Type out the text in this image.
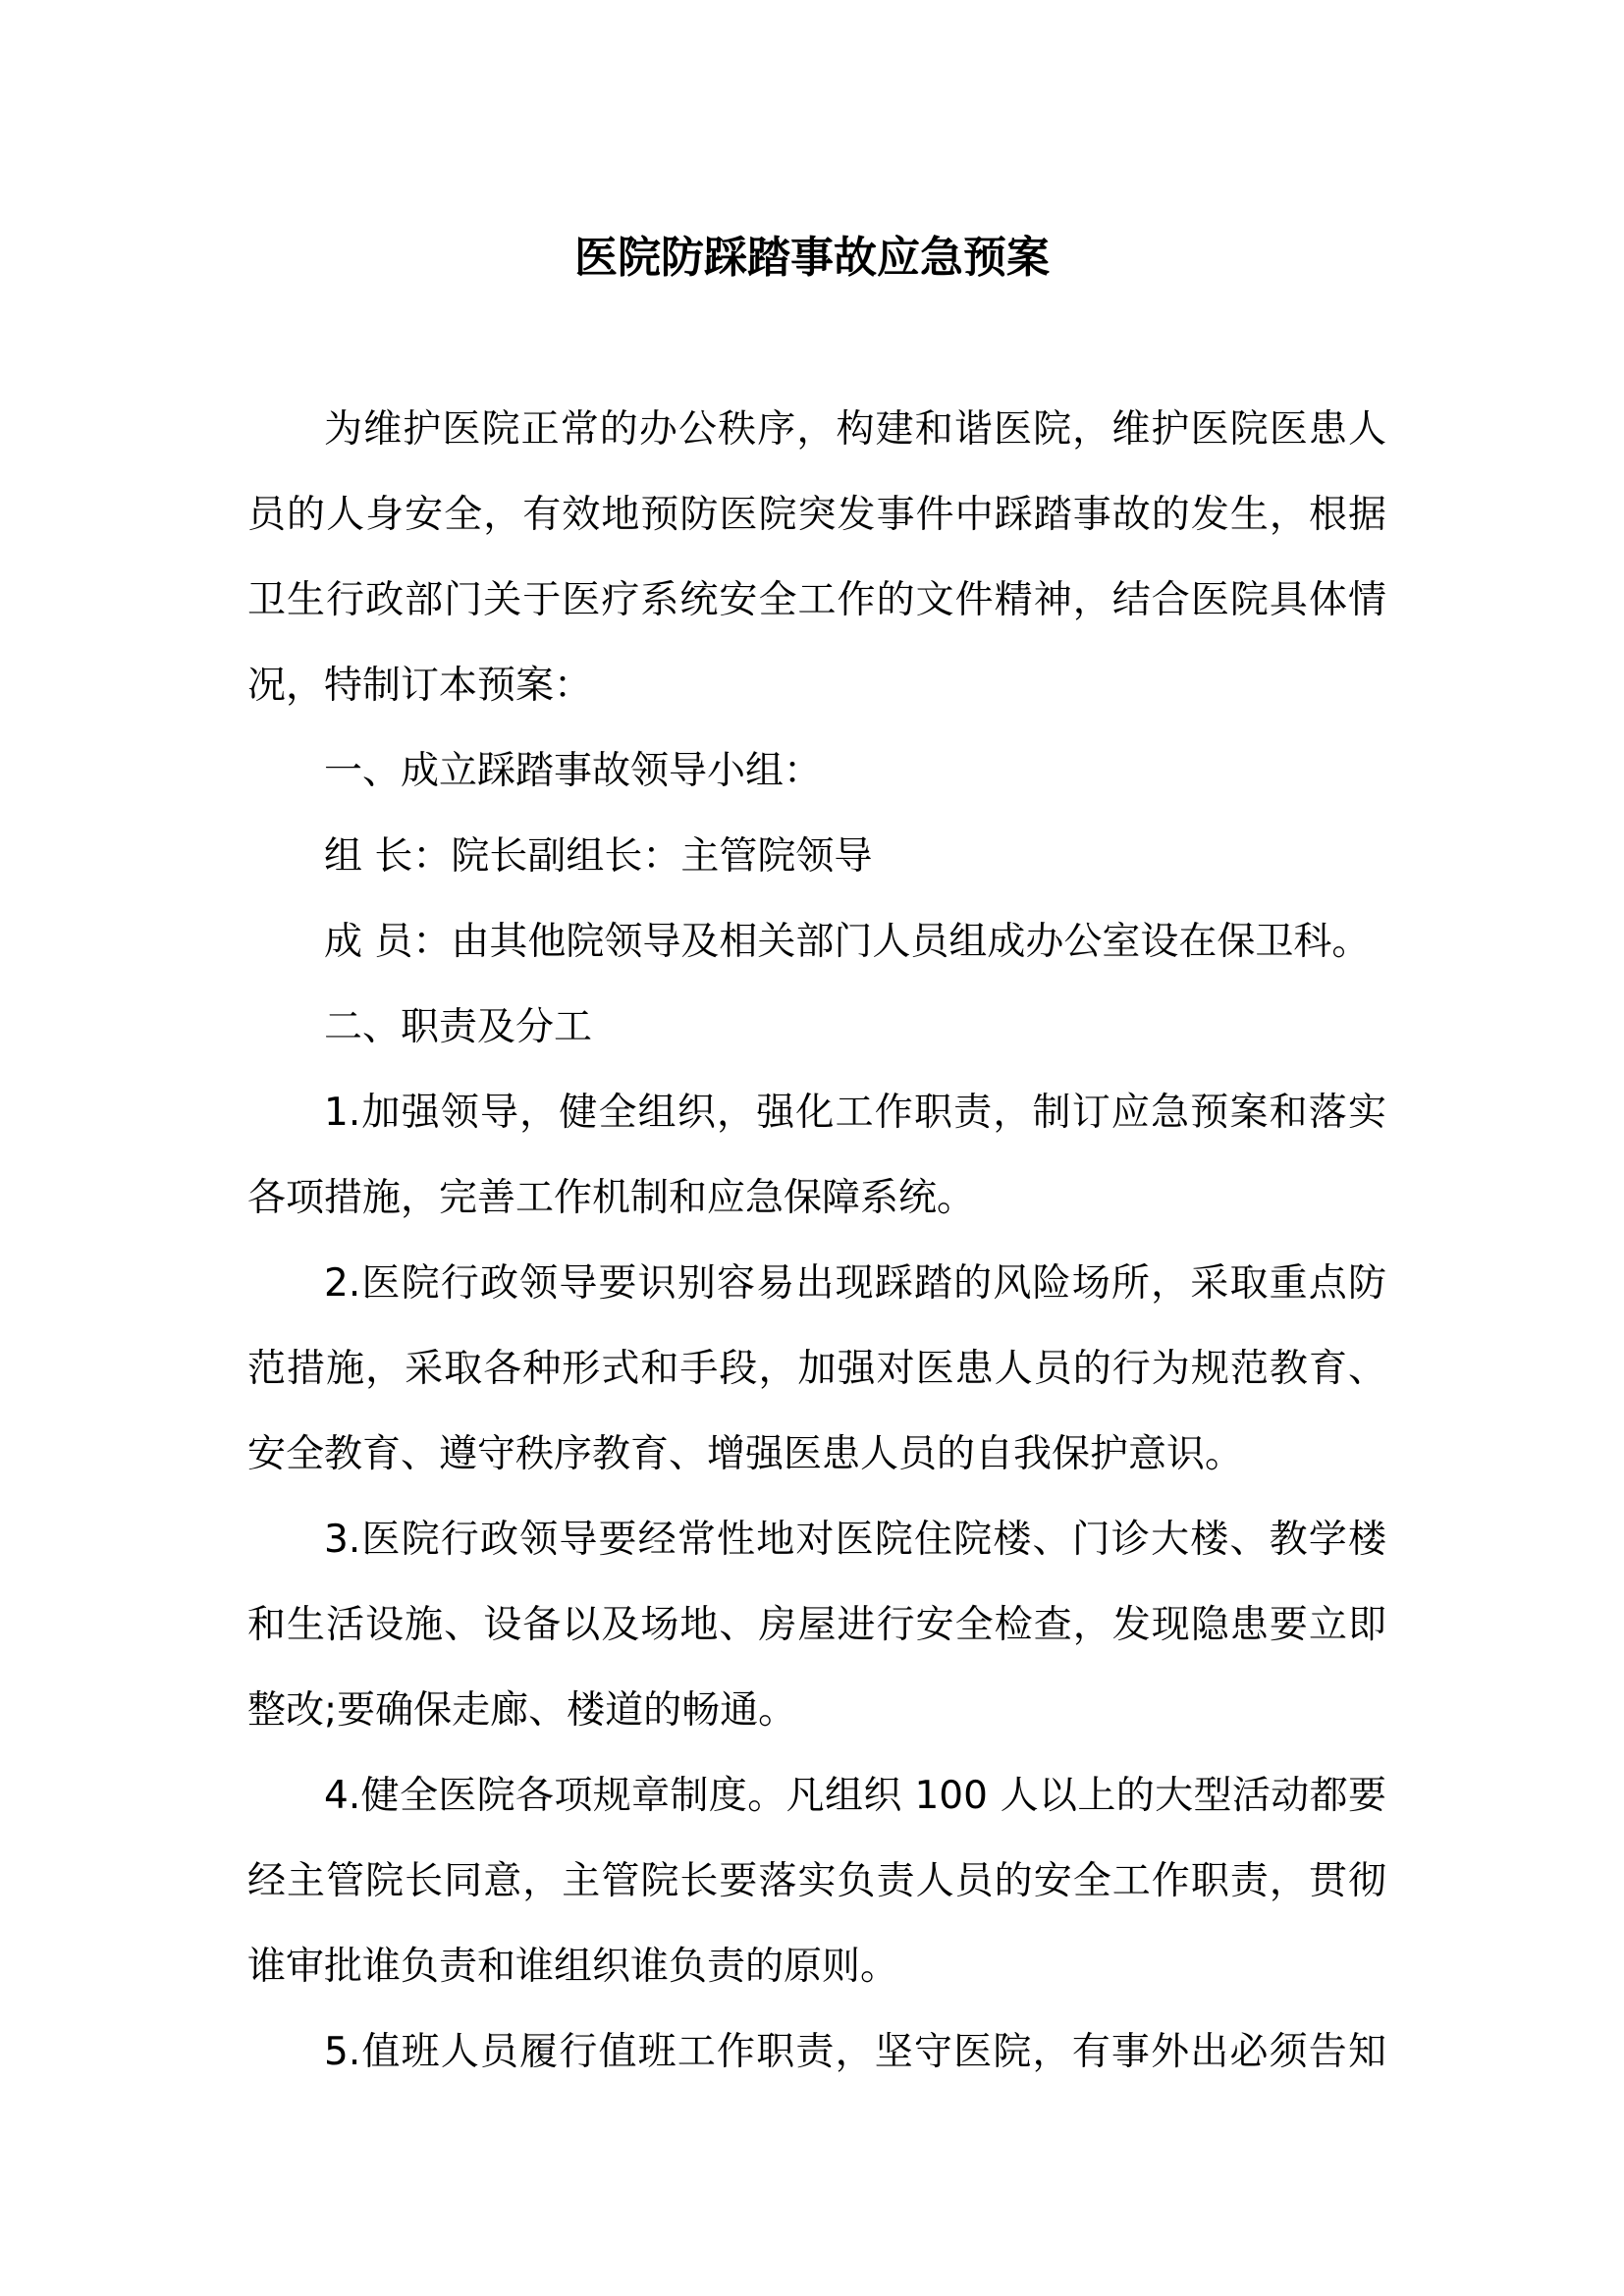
医院防踩踏事故应急预案
为维护医院正常的办公秩序，构建和谐医院，维护医院医患人
员的人身安全，有效地预防医院突发事件中踩踏事故的发生，根据
卫生行政部门关于医疗系统安全工作的文件精神，结合医院具体情
况，特制订本预案：
一、成立踩踏事故领导小组：
组 长：院长副组长：主管院领导
成 员：由其他院领导及相关部门人员组成办公室设在保卫科。
二、职责及分工
1.加强领导，健全组织，强化工作职责，制订应急预案和落实
各项措施，完善工作机制和应急保障系统。
2.医院行政领导要识别容易出现踩踏的风险场所，采取重点防
范措施，采取各种形式和手段，加强对医患人员的行为规范教育、
安全教育、遵守秩序教育、增强医患人员的自我保护意识。
3.医院行政领导要经常性地对医院住院楼、门诊大楼、教学楼
和生活设施、设备以及场地、房屋进行安全检查，发现隐患要立即
整改;要确保走廊、楼道的畅通。
4.健全医院各项规章制度。凡组织 100 人以上的大型活动都要
经主管院长同意，主管院长要落实负责人员的安全工作职责，贯彻
谁审批谁负责和谁组织谁负责的原则。
5.值班人员履行值班工作职责，坚守医院，有事外出必须告知
